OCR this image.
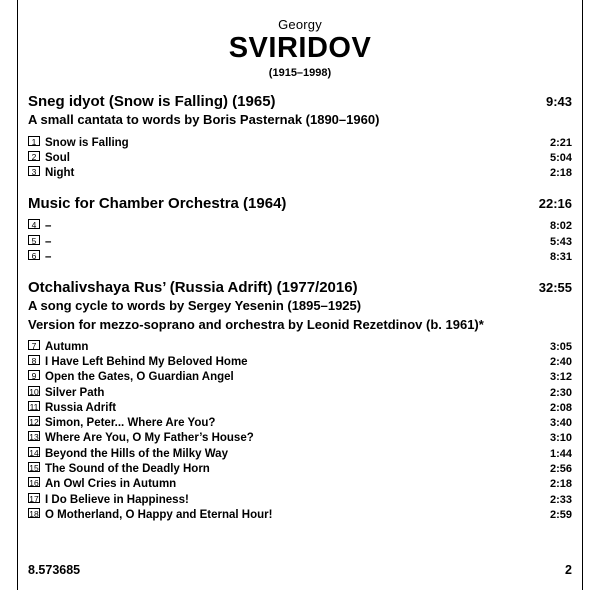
Georgy
SVIRIDOV
(1915–1998)
Sneg idyot (Snow is Falling) (1965)	9:43
A small cantata to words by Boris Pasternak (1890–1960)
1 Snow is Falling	2:21
2 Soul	5:04
3 Night	2:18
Music for Chamber Orchestra (1964)	22:16
4 –	8:02
5 –	5:43
6 –	8:31
Otchalivshaya Rus’ (Russia Adrift) (1977/2016)	32:55
A song cycle to words by Sergey Yesenin (1895–1925)
Version for mezzo-soprano and orchestra by Leonid Rezetdinov (b. 1961)*
7 Autumn	3:05
8 I Have Left Behind My Beloved Home	2:40
9 Open the Gates, O Guardian Angel	3:12
10 Silver Path	2:30
11 Russia Adrift	2:08
12 Simon, Peter... Where Are You?	3:40
13 Where Are You, O My Father’s House?	3:10
14 Beyond the Hills of the Milky Way	1:44
15 The Sound of the Deadly Horn	2:56
16 An Owl Cries in Autumn	2:18
17 I Do Believe in Happiness!	2:33
18 O Motherland, O Happy and Eternal Hour!	2:59
8.573685	2
